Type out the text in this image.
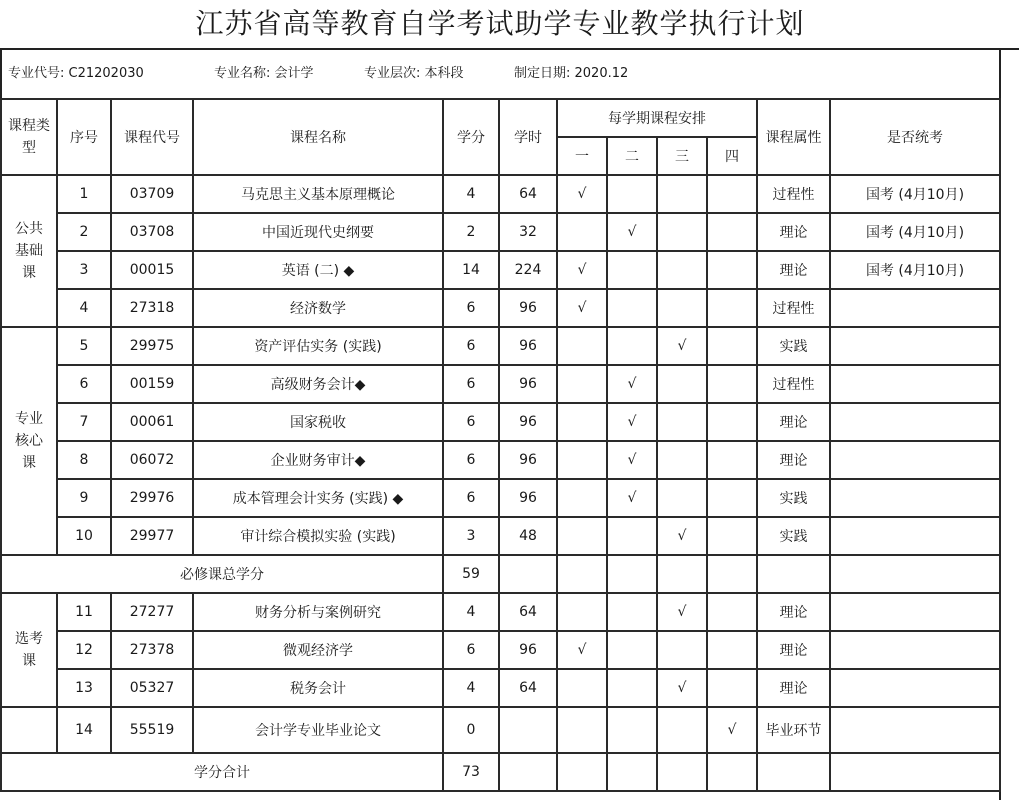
江苏省高等教育自学考试助学专业教学执行计划
专业代号: C21202030	专业名称: 会计学	专业层次: 本科段	制定日期: 2020.12
课程类型	序号	课程代号	课程名称	学分	学时	每学期课程安排				课程属性	是否统考
						一	二	三	四		
公共基础课	1	03709	马克思主义基本原理概论	4	64	√				过程性	国考 (4月10月)
	2	03708	中国近现代史纲要	2	32		√			理论	国考 (4月10月)
	3	00015	英语 (二) ◆	14	224	√				理论	国考 (4月10月)
	4	27318	经济数学	6	96	√				过程性	
专业核心课	5	29975	资产评估实务 (实践)	6	96			√		实践	
	6	00159	高级财务会计◆	6	96		√			过程性	
	7	00061	国家税收	6	96		√			理论	
	8	06072	企业财务审计◆	6	96		√			理论	
	9	29976	成本管理会计实务 (实践) ◆	6	96		√			实践	
	10	29977	审计综合模拟实验 (实践)	3	48			√		实践	
必修课总学分				59							
选考课	11	27277	财务分析与案例研究	4	64			√		理论	
	12	27378	微观经济学	6	96	√				理论	
	13	05327	税务会计	4	64			√		理论	
	14	55519	会计学专业毕业论文	0					√	毕业环节	
学分合计				73							
